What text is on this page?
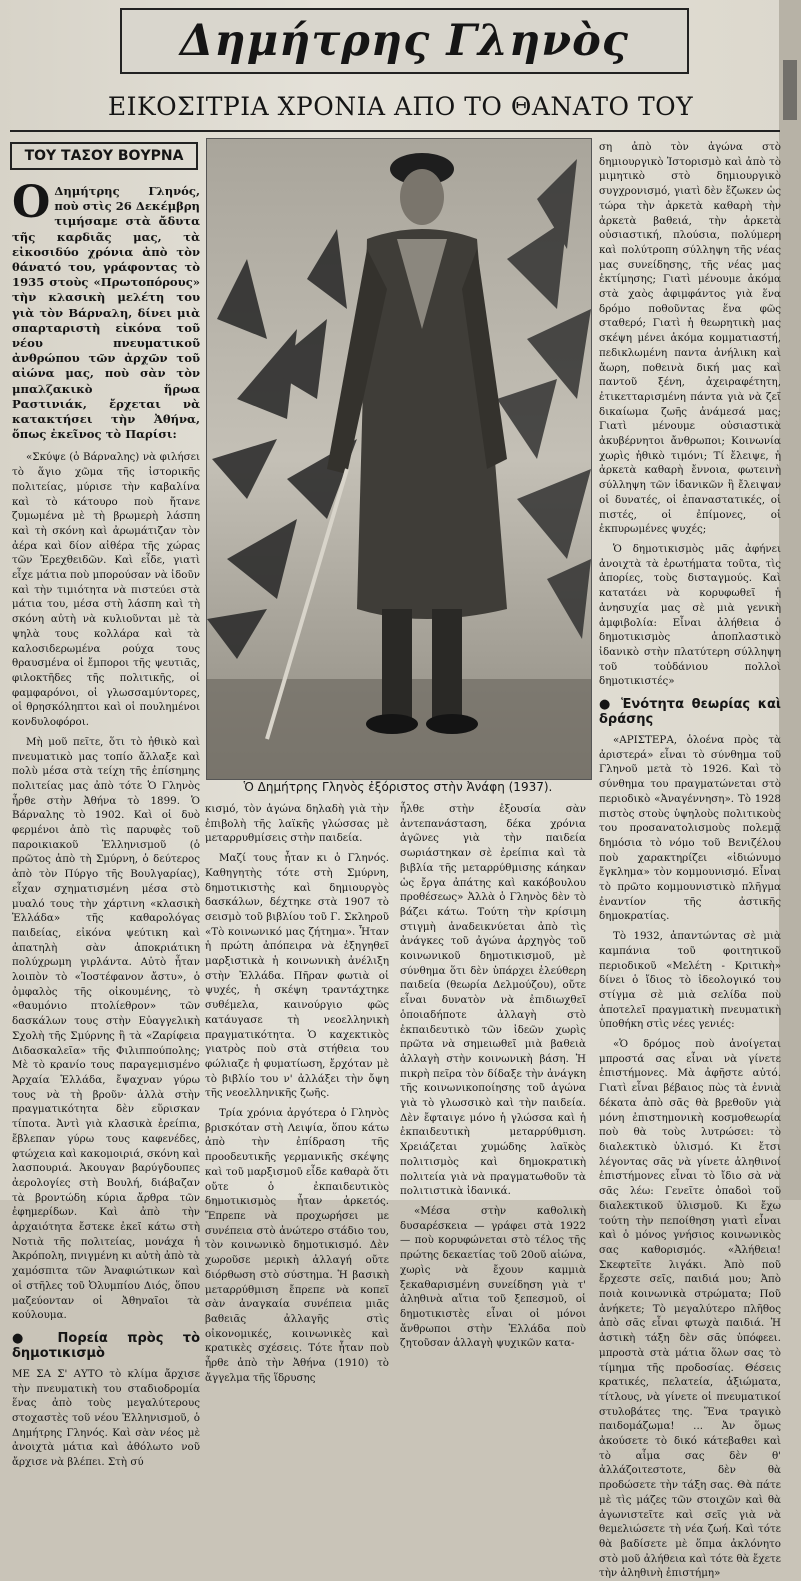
Δημήτρης Γληνὸς
ΕΙΚΟΣΙΤΡΙΑ ΧΡΟΝΙΑ ΑΠΟ ΤΟ ΘΑΝΑΤΟ ΤΟΥ
ΤΟΥ ΤΑΣΟΥ ΒΟΥΡΝΑ

Ο Δημήτρης Γληνός, ποὺ στὶς 26 Δεκέμβρη τιμήσαμε στὰ ἄδυτα τῆς καρδιᾶς μας, τὰ εἰκοσιδύο χρόνια ἀπὸ τὸν θάνατό του, γράφοντας τὸ 1935 στοὺς «Πρωτοπόρους» τὴν κλασικὴ μελέτη του γιὰ τὸν Βάρναλη, δίνει μιὰ σπαρταριστὴ εἰκόνα τοῦ νέου πνευματικοῦ ἀνθρώπου τῶν ἀρχῶν τοῦ αἰώνα μας, ποὺ σὰν τὸν μπαλζακικὸ ἥρωα Ραστινιάκ, ἔρχεται νὰ κατακτήσει τὴν Ἀθήνα, ὅπως ἐκεῖνος τὸ Παρίσι:

«Σκύψε (ὁ Βάρναλης) νὰ φιλήσει τὸ ἅγιο χῶμα τῆς ἱστορικῆς πολιτείας, μύρισε τὴν καβαλίνα καὶ τὸ κάτουρο ποὺ ἤτανε ζυμωμένα μὲ τὴ βρωμερὴ λάσπη καὶ τὴ σκόνη καὶ ἀρωμάτιζαν τὸν ἀέρα καὶ δίον αἰθέρα τῆς χώρας τῶν Ἐρεχθειδῶν. Καὶ εἶδε, γιατὶ εἶχε μάτια ποὺ μπορούσαν νὰ ἰδοῦν καὶ τὴν τιμιότητα νὰ πιστεύει στὰ μάτια του, μέσα στὴ λάσπη καὶ τὴ σκόνη αὐτὴ νὰ κυλιοῦνται μὲ τὰ ψηλὰ τους κολλάρα καὶ τὰ καλοσιδερωμένα ρούχα τους θραυσμένα οἱ ἔμποροι τῆς ψευτιᾶς, φιλοκτῆδες τῆς πολιτικῆς, οἱ φαμφαρόνοι, οἱ γλωσσαμύντορες, οἱ θρησκόληπτοι καὶ οἱ πουλημένοι κονδυλοφόροι.

Μὴ μοῦ πεῖτε, ὅτι τὸ ἠθικὸ καὶ πνευματικὸ μας τοπίο ἄλλαξε καὶ πολὺ μέσα στὰ τείχη τῆς ἐπίσημης πολιτείας μας ἀπὸ τότε Ὁ Γληνὸς ἦρθε στὴν Ἀθήνα τὸ 1899. Ὁ Βάρναλης τὸ 1902. Καὶ οἱ δυὸ φερμένοι ἀπὸ τὶς παρυφὲς τοῦ παροικιακοῦ Ἑλληνισμοῦ (ὁ πρῶτος ἀπὸ τὴ Σμύρνη, ὁ δεύτερος ἀπὸ τὸν Πύργο τῆς Βουλγαρίας), εἶχαν σχηματισμένη μέσα στὸ μυαλό τους τὴν χάρτινη «κλασικὴ Ἑλλάδα» τῆς καθαρολόγας παιδείας, εἰκόνα ψεύτικη καὶ ἀπατηλὴ σὰν ἀποκριάτικη πολύχρωμη γιρλάντα. Αὐτὸ ἦταν λοιπὸν τὸ «Ἰοστέφανον ἄστυ», ὁ ὀμφαλὸς τῆς οἰκουμένης, τὸ «θαυμόνιο πτολίεθρον» τῶν δασκάλων τους στὴν Εὐαγγελικὴ Σχολὴ τῆς Σμύρνης ἢ τὰ «Ζαρίφεια Διδασκαλεῖα» τῆς Φιλιππούπολης; Μὲ τὸ κρανίο τους παραγεμισμένο Ἀρχαία Ἑλλάδα, ἔψαχναν γύρω τους νὰ τὴ βροῦν· ἀλλὰ στὴν πραγματικότητα δὲν εὕρισκαν τίποτα. Ἀντὶ γιὰ κλασικὰ ἐρείπια, ἔβλεπαν γύρω τους καφενέδες, φτώχεια καὶ κακομοιριά, σκόνη καὶ λασπουριά. Ἀκουγαν βαρύγδουπες ἀερολογίες στὴ Βουλή, διάβαζαν τὰ βροντώδη κύρια ἄρθρα τῶν ἐφημερίδων. Καὶ ἀπὸ τὴν ἀρχαιότητα ἔστεκε ἐκεῖ κάτω στὴ Νοτιὰ τῆς πολιτείας, μονάχα ἡ Ἀκρόπολη, πνιγμένη κι αὐτὴ ἀπὸ τὰ χαμόσπιτα τῶν Ἀναφιώτικων καὶ οἱ στῆλες τοῦ Ὀλυμπίου Διός, ὅπου μαζεύονταν οἱ Ἀθηναῖοι τὰ κούλουμα.

● Πορεία πρὸς τὸ δημοτικισμὸ

ΜΕ ΣΑ Σ' ΑΥΤΟ τὸ κλίμα ἄρχισε τὴν πνευματικὴ του σταδιοδρομία ἕνας ἀπὸ τοὺς μεγαλύτερους στοχαστὲς τοῦ νέου Ἑλληνισμοῦ, ὁ Δημήτρης Γληνός. Καὶ σὰν νέος μὲ ἀνοιχτὰ μάτια καὶ ἀθόλωτο νοῦ ἄρχισε νὰ βλέπει. Στὴ σύ

Ὁ Δημήτρης Γληνὸς ἐξόριστος στὴν Ἀνάφη (1937).

κισμό, τὸν ἀγώνα δηλαδὴ γιὰ τὴν ἐπιβολὴ τῆς λαϊκῆς γλώσσας μὲ μεταρρυθμίσεις στὴν παιδεία.

Μαζί τους ἦταν κι ὁ Γληνός. Καθηγητὴς τότε στὴ Σμύρνη, δημοτικιστὴς καὶ δημιουργὸς δασκάλων, δέχτηκε στὰ 1907 τὸ σεισμὸ τοῦ βιβλίου τοῦ Γ. Σκληροῦ «Τὸ κοινωνικό μας ζήτημα». Ἦταν ἡ πρώτη ἀπόπειρα νὰ ἐξηγηθεῖ μαρξιστικὰ ἡ κοινωνικὴ ἀνέλιξη στὴν Ἑλλάδα. Πῆραν φωτιὰ οἱ ψυχές, ἡ σκέψη τραντάχτηκε συθέμελα, καινούργιο φῶς κατάυγασε τὴ νεοελληνικὴ πραγματικότητα. Ὁ καχεκτικὸς γιατρὸς ποὺ στὰ στήθεια του φώλιαζε ἡ φυματίωση, ἔρχόταν μὲ τὸ βιβλίο του ν' ἀλλάξει τὴν ὄψη τῆς νεοελληνικῆς ζωῆς.

Τρία χρόνια ἀργότερα ὁ Γληνὸς βρισκόταν στὴ Λειψία, ὅπου κάτω ἀπὸ τὴν ἐπίδραση τῆς προοδευτικῆς γερμανικῆς σκέψης καὶ τοῦ μαρξισμοῦ εἶδε καθαρὰ ὅτι οὔτε ὁ ἐκπαιδευτικὸς δημοτικισμὸς ἦταν ἀρκετός. Ἔπρεπε νὰ προχωρήσει με συνέπεια στὸ ἀνώτερο στάδιο του, τὸν κοινωνικὸ δημοτικισμό. Δὲν χωροῦσε μερικὴ ἀλλαγή οὔτε διόρθωση στὸ σύστημα. Ἡ βασικὴ μεταρρύθμιση ἔπρεπε νὰ κοπεῖ σὰν ἀναγκαία συνέπεια μιᾶς βαθειᾶς ἀλλαγῆς στὶς οἰκονομικές, κοινωνικὲς καὶ κρατικὲς σχέσεις. Τότε ἦταν ποὺ ἦρθε ἀπὸ τὴν Ἀθήνα (1910) τὸ ἄγγελμα τῆς ἵδρυσης

ἦλθε στὴν ἐξουσία σὰν ἀντεπανάσταση, δέκα χρόνια ἀγῶνες γιὰ τὴν παιδεία σωριάστηκαν σὲ ἐρείπια καὶ τὰ βιβλία τῆς μεταρρύθμισης κάηκαν ὡς ἔργα ἀπάτης καὶ κακόβουλου προθέσεως» Ἀλλὰ ὁ Γληνὸς δὲν τὸ βάζει κάτω. Τούτη τὴν κρίσιμη στιγμὴ ἀναδεικνύεται ἀπὸ τὶς ἀνάγκες τοῦ ἀγώνα ἀρχηγὸς τοῦ κοινωνικοῦ δημοτικισμοῦ, μὲ σύνθημα ὅτι δὲν ὑπάρχει ἐλεύθερη παιδεία (θεωρία Δελμούζου), οὔτε εἶναι δυνατὸν νὰ ἐπιδιωχθεῖ ὁποιαδήποτε ἀλλαγὴ στὸ ἐκπαιδευτικὸ τῶν ἰδεῶν χωρὶς πρῶτα νὰ σημειωθεῖ μιὰ βαθειὰ ἀλλαγὴ στὴν κοινωνικὴ βάση. Ἡ πικρὴ πεῖρα τὸν δίδαξε τὴν ἀνάγκη τῆς κοινωνικοποίησης τοῦ ἀγώνα γιὰ τὸ γλωσσικὸ καὶ τὴν παιδεία. Δὲν ἔφταιγε μόνο ἡ γλώσσα καὶ ἡ ἐκπαιδευτικὴ μεταρρύθμιση. Χρειάζεται χυμώδης λαϊκὸς πολιτισμὸς καὶ δημοκρατικὴ πολιτεία γιὰ νὰ πραγματωθοῦν τὰ πολιτιστικὰ ἰδανικά.

«Μέσα στὴν καθολικὴ δυσαρέσκεια — γράφει στὰ 1922 — ποὺ κορυφώνεται στὸ τέλος τῆς πρώτης δεκαετίας τοῦ 20οῦ αἰώνα, χωρὶς νὰ ἔχουν καμμιὰ ξεκαθαρισμένη συνείδηση γιὰ τ' ἀληθινὰ αἴτια τοῦ ξεπεσμοῦ, οἱ δημοτικιστὲς εἶναι οἱ μόνοι ἄνθρωποι στὴν Ἑλλάδα ποὺ ζητοῦσαν ἀλλαγὴ ψυχικῶν κατα-

ση ἀπὸ τὸν ἀγώνα στὸ δημιουργικὸ Ἱστορισμὸ καὶ ἀπὸ τὸ μιμητικὸ στὸ δημιουργικὸ συγχρονισμό, γιατὶ δὲν ἔζωκεν ὡς τώρα τὴν ἀρκετὰ καθαρὴ τὴν ἀρκετὰ βαθειά, τὴν ἀρκετὰ οὐσιαστική, πλούσια, πολύμερη καὶ πολύτροπη σύλληψη τῆς νέας μας συνείδησης, τῆς νέας μας ἐκτίμησης; Γιατὶ μένουμε ἀκόμα στὰ χαὸς ἀφιμφάντος γιὰ ἕνα δρόμο ποθοῦντας ἕνα φῶς σταθερό; Γιατὶ ἡ θεωρητικὴ μας σκέψη μένει ἀκόμα κομματιαστή, πεδικλωμένη παντα ἀνήλικη καὶ ἄωρη, ποθεινὰ δική μας καὶ παντοῦ ξένη, ἀχειραφέτητη, ἐτικετταρισμένη πάντα γιὰ νὰ ζεῖ δικαίωμα ζωῆς ἀνάμεσά μας; Γιατὶ μένουμε οὐσιαστικὰ ἀκυβέρνητοι ἄνθρωποι; Κοινωνία χωρὶς ἠθικὸ τιμόνι; Τί ἔλειψε, ἡ ἀρκετὰ καθαρὴ ἔννοια, φωτεινὴ σύλληψη τῶν ἰδανικῶν ἢ ἔλειψαν οἱ δυνατές, οἱ ἐπαναστατικές, οἱ πιστές, οἱ ἐπίμονες, οἱ ἐκπυρωμένες ψυχές;

Ὁ δημοτικισμὸς μᾶς ἀφήνει ἀνοιχτὰ τὰ ἐρωτήματα τοῦτα, τὶς ἀπορίες, τοὺς δισταγμούς. Καὶ κατατάει νὰ κορυφωθεῖ ἡ ἀνησυχία μας σὲ μιὰ γενικὴ ἀμφιβολία: Εἶναι ἀλήθεια ὁ δημοτικισμὸς ἀποπλαστικὸ ἰδανικὸ στὴν πλατύτερη σύλληψη τοῦ τοὐδάνιου πολλοὶ δημοτικιστές»

● Ἑνότητα θεωρίας καὶ δράσης

«ΑΡΙΣΤΕΡΑ, ὁλοένα πρὸς τὰ ἀριστερά» εἶναι τὸ σύνθημα τοῦ Γληνοῦ μετὰ τὸ 1926. Καὶ τὸ σύνθημα του πραγματώνεται στὸ περιοδικὸ «Ἀναγέννηση». Τὸ 1928 πιστὸς στοὺς ὑψηλοὺς πολιτικοὺς του προσανατολισμοὺς πολεμᾷ δημόσια τὸ νόμο τοῦ Βενιζέλου ποὺ χαρακτηρίζει «ἰδιώνυμο ἔγκλημα» τὸν κομμουνισμό. Εἶναι τὸ πρῶτο κομμουνιστικὸ πλῆγμα ἐναντίον τῆς ἀστικῆς δημοκρατίας.

Τὸ 1932, ἀπαντώντας σὲ μιὰ καμπάνια τοῦ φοιτητικοῦ περιοδικοῦ «Μελέτη - Κριτικὴ» δίνει ὁ ἴδιος τὸ ἰδεολογικό του στίγμα σὲ μιὰ σελίδα ποὺ ἀποτελεῖ πραγματικὴ πνευματικὴ ὑποθήκη στὶς νέες γενιές:

«Ὁ δρόμος ποὺ ἀνοίγεται μπροστά σας εἶναι νὰ γίνετε ἐπιστήμονες. Μὰ ἀφῆστε αὐτό. Γιατὶ εἶναι βέβαιος πὼς τὰ ἐννιὰ δέκατα ἀπὸ σᾶς θὰ βρεθοῦν γιὰ μόνη ἐπιστημονικὴ κοσμοθεωρία ποὺ θὰ τοὺς λυτρώσει: τὸ διαλεκτικὸ ὑλισμό. Κι ἔτσι λέγοντας σᾶς νὰ γίνετε ἀληθινοί ἐπιστήμονες εἶναι τὸ ἴδιο σὰ νὰ σᾶς λέω: Γενεῖτε ὀπαδοὶ τοῦ διαλεκτικοῦ ὑλισμοῦ. Κι ἔχω τούτη τὴν πεποίθηση γιατὶ εἶναι καὶ ὁ μόνος γνήσιος κοινωνικὸς σας καθορισμός. «Ἀλήθεια! Σκεφτεῖτε λιγάκι. Ἀπὸ ποῦ ἔρχεστε σεῖς, παιδιά μου; Ἀπὸ ποιὰ κοινωνικὰ στρώματα; Ποῦ ἀνήκετε; Τὸ μεγαλύτερο πλῆθος ἀπὸ σᾶς εἶναι φτωχὰ παιδιά. Ἡ ἀστικὴ τάξη δὲν σᾶς ὑπόφεει. μπροστὰ στὰ μάτια ὅλων σας τὸ τίμημα τῆς προδοσίας. Θέσεις κρατικές, πελατεία, ἀξιώματα, τίτλους, νὰ γίνετε οἱ πνευματικοί στυλοβάτες της. Ἕνα τραγικὸ παιδομάζωμα! ... Ἀν ὅμως ἀκούσετε τὸ δικό κάτεβαθει καὶ τὸ αἷμα σας δὲν θ' ἀλλάζοιτεστοτε, δὲν θὰ προδώσετε τὴν τάξη σας. Θὰ πάτε μὲ τὶς μάζες τῶν στοιχῶν καὶ θὰ ἀγωνιστεῖτε καὶ σεῖς γιὰ νὰ θεμελιώσετε τὴ νέα ζωή. Καὶ τότε θὰ βαδίσετε μὲ ὅπμα ἀκλόνητο στὸ μοῦ ἀλήθεια καὶ τότε θὰ ἔχετε τὴν ἀληθινὴ ἐπιστήμη»
